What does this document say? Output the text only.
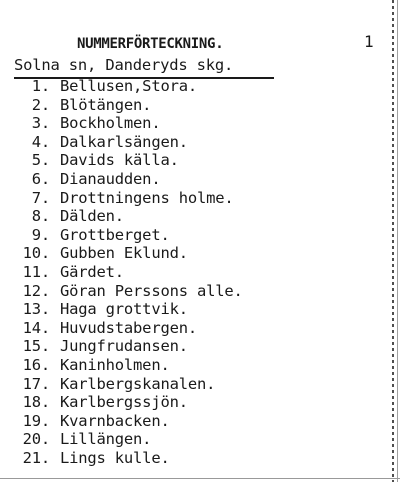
NUMMERFÖRTECKNING.	1
Solna sn, Danderyds skg.
1. Bellusen,Stora.
2. Blötängen.
3. Bockholmen.
4. Dalkarlsängen.
5. Davids källa.
6. Dianaudden.
7. Drottningens holme.
8. Dälden.
9. Grottberget.
10. Gubben Eklund.
11. Gärdet.
12. Göran Perssons alle.
13. Haga grottvik.
14. Huvudstabergen.
15. Jungfrudansen.
16. Kaninholmen.
17. Karlbergskanalen.
18. Karlbergssjön.
19. Kvarnbacken.
20. Lillängen.
21. Lings kulle.
